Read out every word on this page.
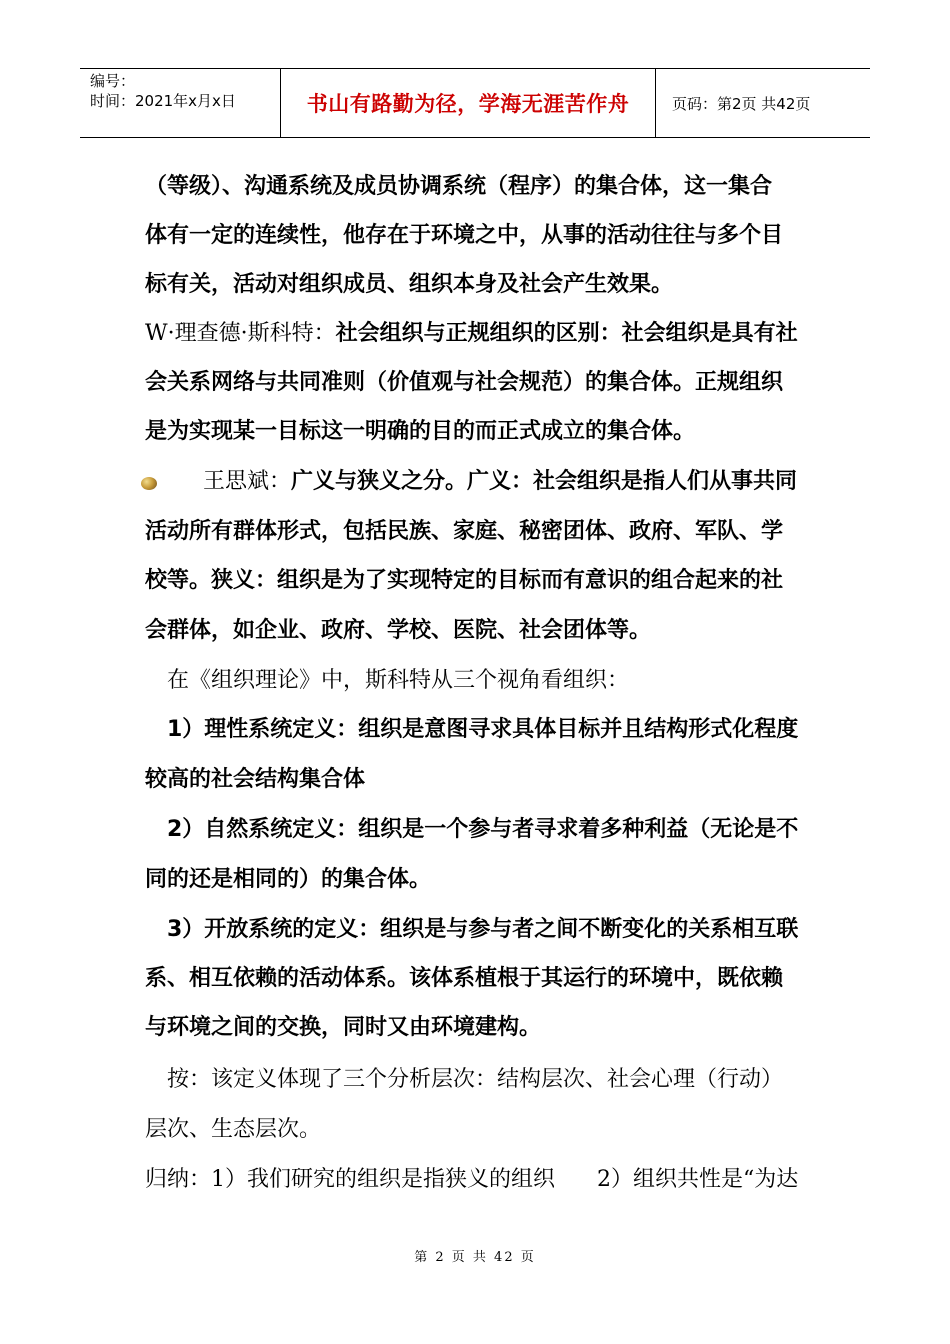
编号：
时间：2021年x月x日	书山有路勤为径，学海无涯苦作舟	页码：第2页 共42页
（等级）、沟通系统及成员协调系统（程序）的集合体，这一集合
体有一定的连续性，他存在于环境之中，从事的活动往往与多个目
标有关，活动对组织成员、组织本身及社会产生效果。
W·理查德·斯科特：社会组织与正规组织的区别：社会组织是具有社
会关系网络与共同准则（价值观与社会规范）的集合体。正规组织
是为实现某一目标这一明确的目的而正式成立的集合体。
王思斌：广义与狭义之分。广义：社会组织是指人们从事共同
活动所有群体形式，包括民族、家庭、秘密团体、政府、军队、学
校等。狭义：组织是为了实现特定的目标而有意识的组合起来的社
会群体，如企业、政府、学校、医院、社会团体等。
在《组织理论》中，斯科特从三个视角看组织：
1）理性系统定义：组织是意图寻求具体目标并且结构形式化程度
较高的社会结构集合体
2）自然系统定义：组织是一个参与者寻求着多种利益（无论是不
同的还是相同的）的集合体。
3）开放系统的定义：组织是与参与者之间不断变化的关系相互联
系、相互依赖的活动体系。该体系植根于其运行的环境中，既依赖
与环境之间的交换，同时又由环境建构。
按：该定义体现了三个分析层次：结构层次、社会心理（行动）
层次、生态层次。
归纳：1）我们研究的组织是指狭义的组织      2）组织共性是“为达
第 2 页 共 42 页
